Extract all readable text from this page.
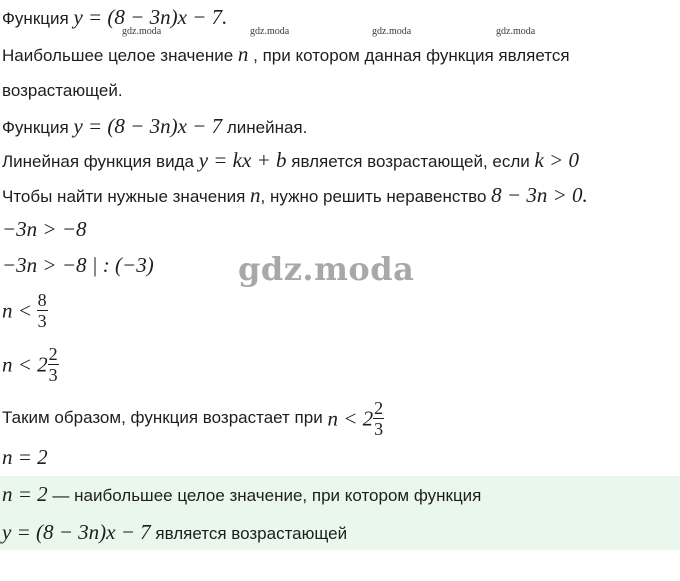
gdz.moda	gdz.moda	gdz.moda
gdz.moda
Функция y = (8 − 3n)x − 7.
Наибольшее целое значение n , при котором данная функция является
возрастающей.
Функция y = (8 − 3n)x − 7 линейная.
Линейная функция вида y = kx + b является возрастающей, если k > 0
Чтобы найти нужные значения n, нужно решить неравенство 8 − 3n > 0.
−3n > −8
−3n > −8 | : (−3)	gdz.moda
$n < \frac{8}{3}$
$n < 2 \frac{2}{3}$
Таким образом, функция возрастает при $n < 2 \frac{2}{3}$
n = 2
n = 2 — наибольшее целое значение, при котором функция
y = (8 − 3n)x − 7 является возрастающей
